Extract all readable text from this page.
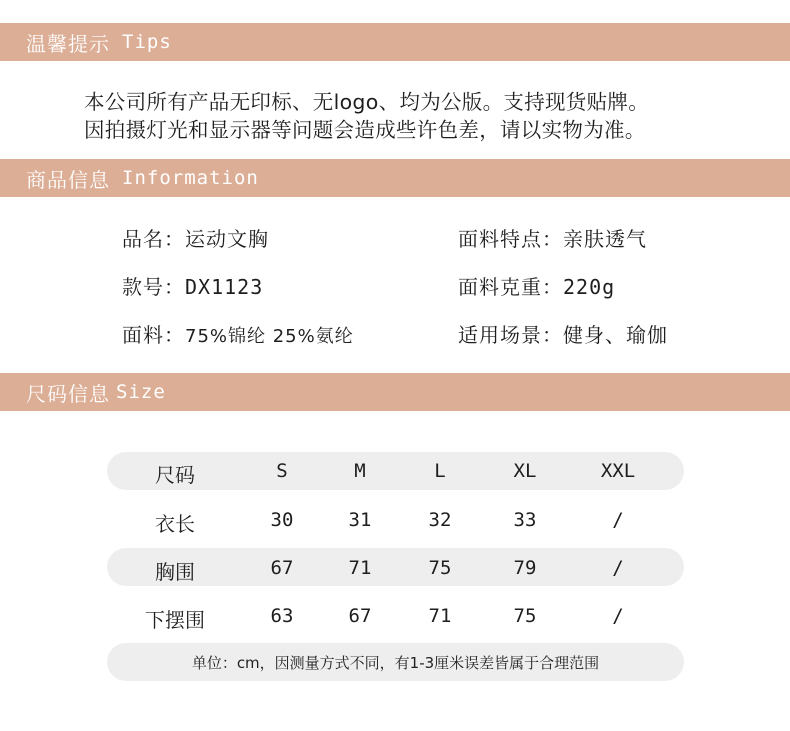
温馨提示 Tips
本公司所有产品无印标、无logo、均为公版。支持现货贴牌。
因拍摄灯光和显示器等问题会造成些许色差，请以实物为准。
商品信息 Information
品名：运动文胸
款号：DX1123
面料：75%锦纶 25%氨纶
面料特点：亲肤透气
面料克重：220g
适用场景：健身、瑜伽
尺码信息 Size
尺码	S	M	L	XL	XXL
衣长	30	31	32	33	/
胸围	67	71	75	79	/
下摆围	63	67	71	75	/
单位：cm，因测量方式不同，有1-3厘米误差皆属于合理范围
